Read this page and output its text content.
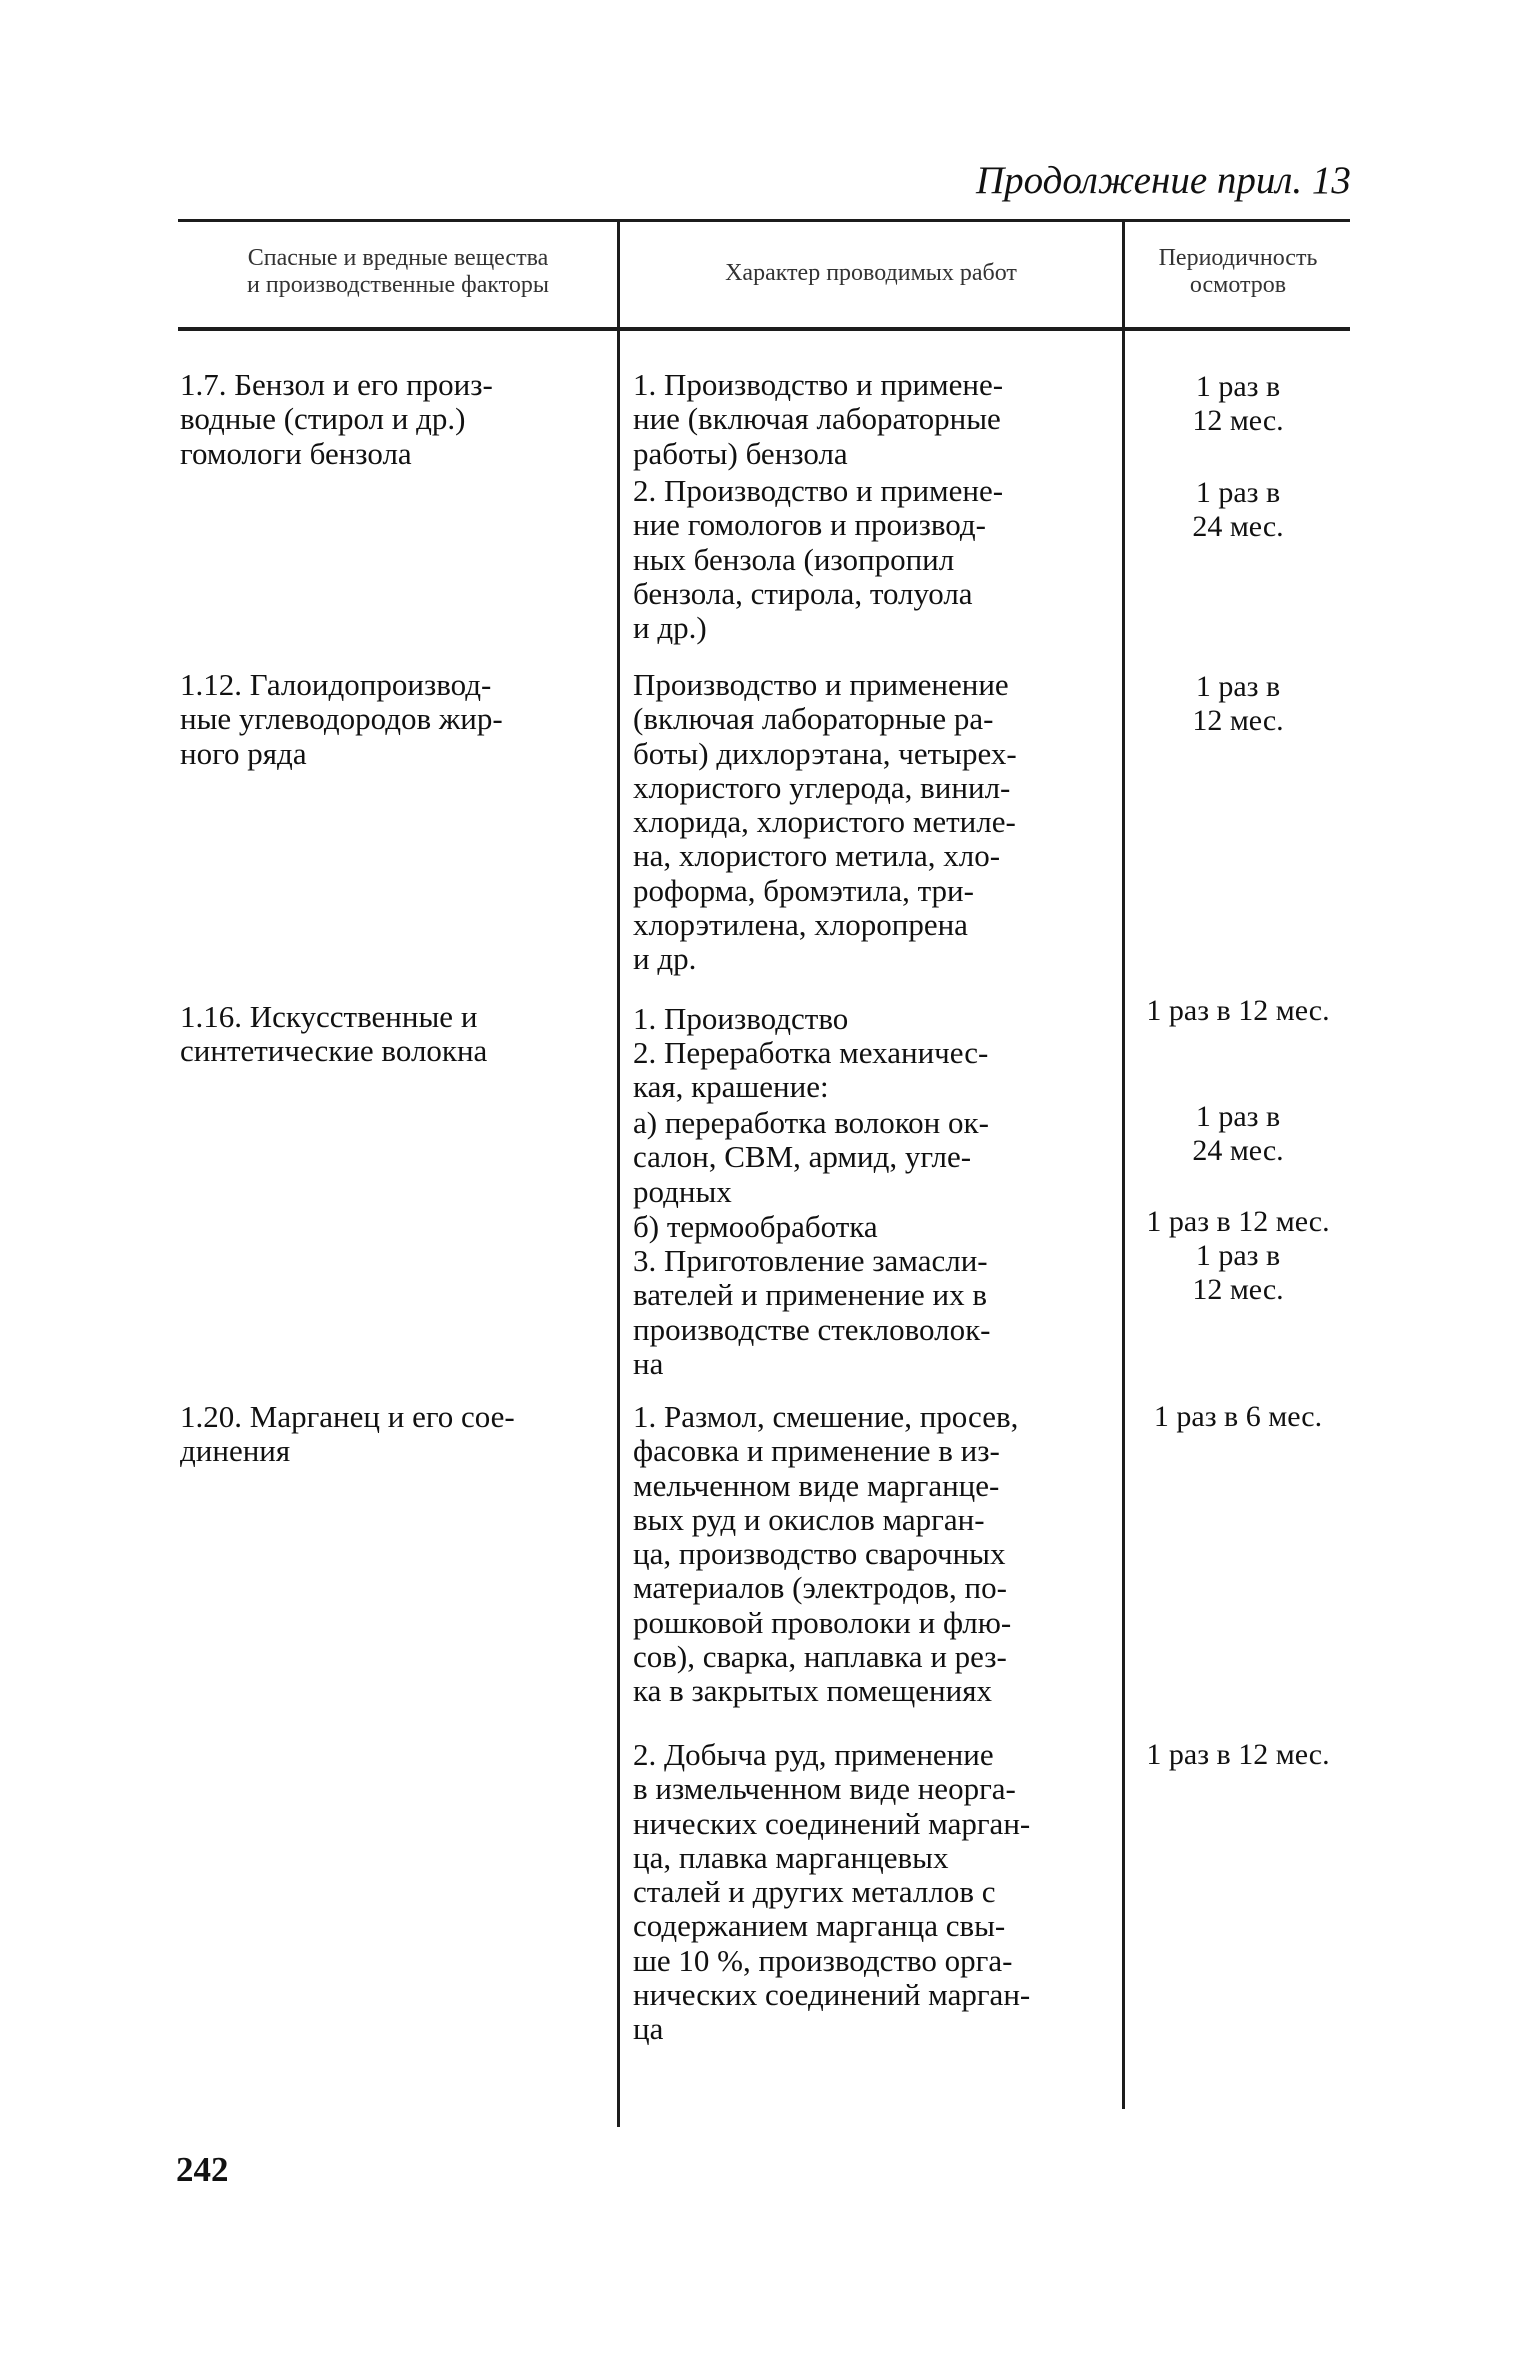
Продолжение прил. 13
Спасные и вредные вещества
и производственные факторы	Характер проводимых работ
Периодичность
осмотров
1.7. Бензол и его произ-
водные (стирол и др.)
гомологи бензола
1. Производство и примене-
ние (включая лабораторные
работы) бензола
2. Производство и примене-
ние гомологов и производ-
ных бензола (изопропил
бензола, стирола, толуола
и др.)
1 раз в
12 мес.
1 раз в
24 мес.
1.12. Галоидопроизвод-
ные углеводородов жир-
ного ряда
Производство и применение
(включая лабораторные ра-
боты) дихлорэтана, четырех-
хлористого углерода, винил-
хлорида, хлористого метиле-
на, хлористого метила, хло-
роформа, бромэтила, три-
хлорэтилена, хлоропрена
и др.
1 раз в
12 мес.
1.16. Искусственные и
синтетические волокна
1. Производство
2. Переработка механичес-
кая, крашение:
а) переработка волокон ок-
салон, СВМ, армид, угле-
родных
б) термообработка
3. Приготовление замасли-
вателей и применение их в
производстве стекловолок-
на
1 раз в 12 мес.
1 раз в
24 мес.
1 раз в 12 мес.
1 раз в
12 мес.
1.20. Марганец и его сое-
динения
1. Размол, смешение, просев,
фасовка и применение в из-
мельченном виде марганце-
вых руд и окислов марган-
ца, производство сварочных
материалов (электродов, по-
рошковой проволоки и флю-
сов), сварка, наплавка и рез-
ка в закрытых помещениях
2. Добыча руд, применение
в измельченном виде неорга-
нических соединений марган-
ца, плавка марганцевых
сталей и других металлов с
содержанием марганца свы-
ше 10 %, производство орга-
нических соединений марган-
ца
1 раз в 6 мес.
1 раз в 12 мес.
242
